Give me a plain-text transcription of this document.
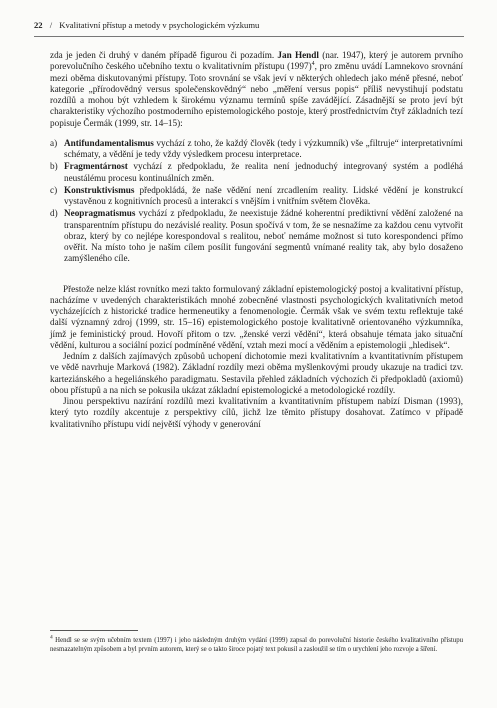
22 / Kvalitativní přístup a metody v psychologickém výzkumu

zda je jeden či druhý v daném případě figurou či pozadím. Jan Hendl (nar. 1947), který je autorem prvního porevolučního českého učebního textu o kvalitativním přístupu $(1997)^4$, pro změnu uvádí Lamnekovo srovnání mezi oběma diskutovanými přístupy. Toto srovnání se však jeví v některých ohledech jako méně přesné, neboť kategorie „přírodovědný versus společenskovědný“ nebo „měření versus popis“ příliš nevystihují podstatu rozdílů a mohou být vzhledem k širokému významu termínů spíše zavádějící. Zásadnější se proto jeví být charakteristiky výchozího postmoderního epistemologického postoje, který prostřednictvím čtyř základních tezí popisuje Čermák (1999, str. 14–15):

a) Antifundamentalismus vychází z toho, že každý člověk (tedy i výzkumník) vše „filtruje“ interpretativními schématy, a vědění je tedy vždy výsledkem procesu interpretace.
b) Fragmentárnost vychází z předpokladu, že realita není jednoduchý integrovaný systém a podléhá neustálému procesu kontinuálních změn.
c) Konstruktivismus předpokládá, že naše vědění není zrcadlením reality. Lidské vědění je konstrukcí vystavěnou z kognitivních procesů a interakcí s vnějším i vnitřním světem člověka.
d) Neopragmatismus vychází z předpokladu, že neexistuje žádné koherentní prediktivní vědění založené na transparentním přístupu do nezávislé reality. Posun spočívá v tom, že se nesnažíme za každou cenu vytvořit obraz, který by co nejlépe korespondoval s realitou, neboť nemáme možnost si tuto korespondenci přímo ověřit. Na místo toho je naším cílem posílit fungování segmentů vnímané reality tak, aby bylo dosaženo zamýšleného cíle.

Přestože nelze klást rovnítko mezi takto formulovaný základní epistemologický postoj a kvalitativní přístup, nacházíme v uvedených charakteristikách mnohé zobecněné vlastnosti psychologických kvalitativních metod vycházejících z historické tradice hermeneutiky a fenomenologie. Čermák však ve svém textu reflektuje také další významný zdroj (1999, str. 15–16) epistemologického postoje kvalitativně orientovaného výzkumníka, jímž je feministický proud. Hovoří přitom o tzv. „ženské verzi vědění“, která obsahuje témata jako situační vědění, kulturou a sociální pozicí podmíněné vědění, vztah mezi mocí a věděním a epistemologii „hledisek“.

Jedním z dalších zajímavých způsobů uchopení dichotomie mezi kvalitativním a kvantitativním přístupem ve vědě navrhuje Marková (1982). Základní rozdíly mezi oběma myšlenkovými proudy ukazuje na tradici tzv. karteziánského a hegeliánského paradigmatu. Sestavila přehled základních výchozích či předpokladů (axiomů) obou přístupů a na nich se pokusila ukázat základní epistemologické a metodologické rozdíly.

Jinou perspektivu nazírání rozdílů mezi kvalitativním a kvantitativním přístupem nabízí Disman (1993), který tyto rozdíly akcentuje z perspektivy cílů, jichž lze těmito přístupy dosahovat. Zatímco v případě kvalitativního přístupu vidí největší výhody v generování

$^4$ Hendl se se svým učebním textem (1997) i jeho následným druhým vydání (1999) zapsal do porevoluční historie českého kvalitativního přístupu nesmazatelným způsobem a byl prvním autorem, který se o takto široce pojatý text pokusil a zasloužil se tím o urychlení jeho rozvoje a šíření.
